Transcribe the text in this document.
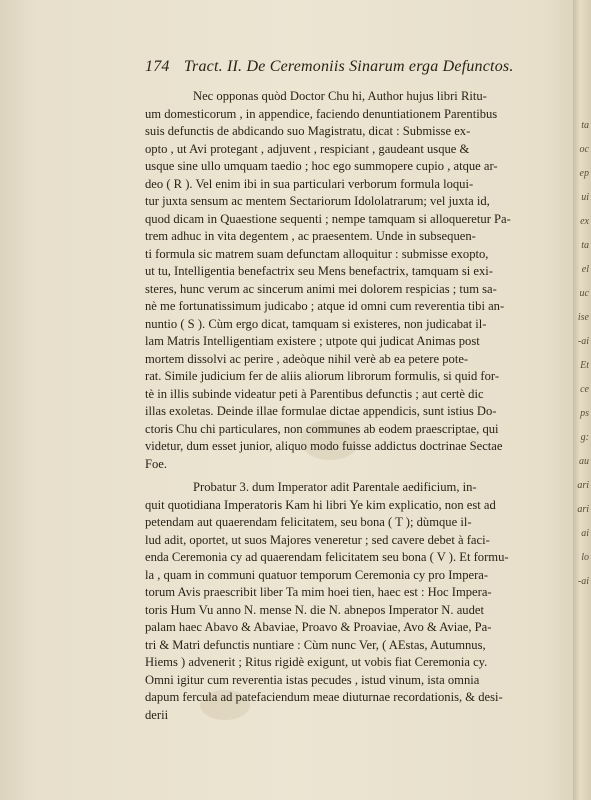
174 Tract. II. De Ceremoniis Sinarum erga Defunctos.
Nec opponas quòd Doctor Chu hi, Author hujus libri Ritu-
um domesticorum , in appendice, faciendo denuntiationem Parentibus
suis defunctis de abdicando suo Magistratu, dicat : Submisse ex-
opto , ut Avi protegant , adjuvent , respiciant , gaudeant usque &
usque sine ullo umquam taedio ; hoc ego summopere cupio , atque ar-
deo ( R ). Vel enim ibi in sua particulari verborum formula loqui-
tur juxta sensum ac mentem Sectariorum Idololatrarum; vel juxta id,
quod dicam in Quaestione sequenti ; nempe tamquam si alloqueretur Pa-
trem adhuc in vita degentem , ac praesentem. Unde in subsequen-
ti formula sic matrem suam defunctam alloquitur : submisse exopto,
ut tu, Intelligentia benefactrix seu Mens benefactrix, tamquam si exi-
steres, hunc verum ac sincerum animi mei dolorem respicias ; tum sa-
nè me fortunatissimum judicabo ; atque id omni cum reverentia tibi an-
nuntio ( S ). Cùm ergo dicat, tamquam si existeres, non judicabat il-
lam Matris Intelligentiam existere ; utpote qui judicat Animas post
mortem dissolvi ac perire , adeòque nihil verè ab ea petere pote-
rat. Simile judicium fer de aliis aliorum librorum formulis, si quid for-
tè in illis subinde videatur peti à Parentibus defunctis ; aut certè dic
illas exoletas. Deinde illae formulae dictae appendicis, sunt istius Do-
ctoris Chu chi particulares, non communes ab eodem praescriptae, qui
videtur, dum esset junior, aliquo modo fuisse addictus doctrinae Sectae
Foe.
Probatur 3. dum Imperator adit Parentale aedificium, in-
quit quotidiana Imperatoris Kam hi libri Ye kim explicatio, non est ad
petendam aut quaerendam felicitatem, seu bona ( T ); dùmque il-
lud adit, oportet, ut suos Majores veneretur ; sed cavere debet à faci-
enda Ceremonia cy ad quaerendam felicitatem seu bona ( V ). Et formu-
la , quam in communi quatuor temporum Ceremonia cy pro Impera-
torum Avis praescribit liber Ta mim hoei tien, haec est : Hoc Impera-
toris Hum Vu anno N. mense N. die N. abnepos Imperator N. audet
palam haec Abavo & Abaviae, Proavo & Proaviae, Avo & Aviae, Pa-
tri & Matri defunctis nuntiare : Cùm nunc Ver, ( AEstas, Autumnus,
Hiems ) advenerit ; Ritus rigidè exigunt, ut vobis fiat Ceremonia cy.
Omni igitur cum reverentia istas pecudes , istud vinum, ista omnia
dapum fercula ad patefaciendum meae diuturnae recordationis, & desi-
derii
ta
oc
ep
ui
ex
ta
el
uc
ise
-ai
Et
ce
ps
g:
au
ari
ari
ai
lo
-ai
